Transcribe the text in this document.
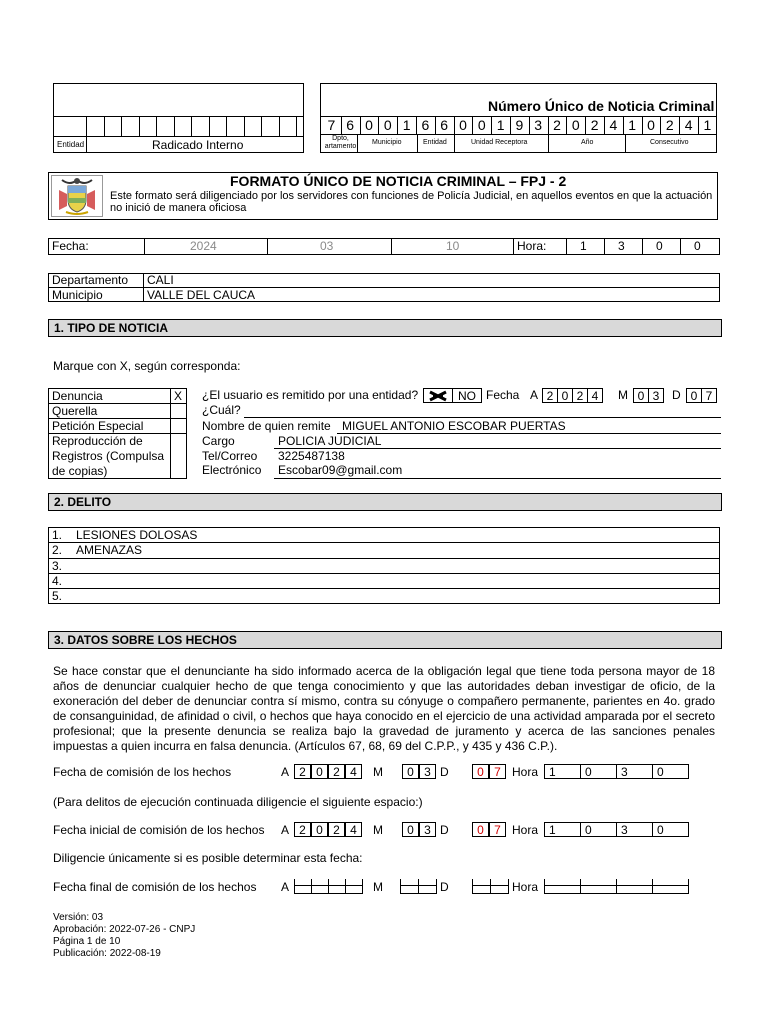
Entidad	Radicado Interno
Número Único de Noticia Criminal
7 6 0 0 1 6 6 0 0 1 9 3 2 0 2 4 1 0 2 4 1
Dpto,
artamento
Municipio	Entidad	Unidad Receptora	Año	Consecutivo
FORMATO ÚNICO DE NOTICIA CRIMINAL – FPJ - 2
Este formato será diligenciado por los servidores con funciones de Policía Judicial, en aquellos eventos en que la actuación no inició de manera oficiosa
Fecha:	2024	03	10	Hora:	1	3	0	0
Departamento CALI
Municipio	VALLE DEL CAUCA
1. TIPO DE NOTICIA
Marque con X, según corresponda:
Denuncia	X
Querella
Petición Especial
Reproducción de Registros (Compulsa de copias)
¿El usuario es remitido por una entidad?	NO Fecha A 2 0 2 4	M 0 3	D 0 7
¿Cuál?
Nombre de quien remite MIGUEL ANTONIO ESCOBAR PUERTAS
Cargo	POLICIA JUDICIAL
Tel/Correo 3225487138
Electrónico Escobar09@gmail.com
2. DELITO
1. LESIONES DOLOSAS
2. AMENAZAS
3.
4.
5.
3. DATOS SOBRE LOS HECHOS
Se hace constar que el denunciante ha sido informado acerca de la obligación legal que tiene toda persona mayor de 18 años de denunciar cualquier hecho de que tenga conocimiento y que las autoridades deban investigar de oficio, de la exoneración del deber de denunciar contra sí mismo, contra su cónyuge o compañero permanente, parientes en 4o. grado de consanguinidad, de afinidad o civil, o hechos que haya conocido en el ejercicio de una actividad amparada por el secreto profesional; que la presente denuncia se realiza bajo la gravedad de juramento y acerca de las sanciones penales impuestas a quien incurra en falsa denuncia. (Artículos 67, 68, 69 del C.P.P., y 435 y 436 C.P.).
Fecha de comisión de los hechos	A	M	D	Hora
2 0 2 4	0 3	0 7	1	0	3	0
(Para delitos de ejecución continuada diligencie el siguiente espacio:)
Fecha inicial de comisión de los hechos A	M	D	Hora
2 0 2 4	0 3	0 7	1	0	3	0
Diligencie únicamente si es posible determinar esta fecha:
Fecha final de comisión de los hechos A	M	D	Hora
Versión: 03
Aprobación: 2022-07-26 - CNPJ
Página 1 de 10
Publicación: 2022-08-19
